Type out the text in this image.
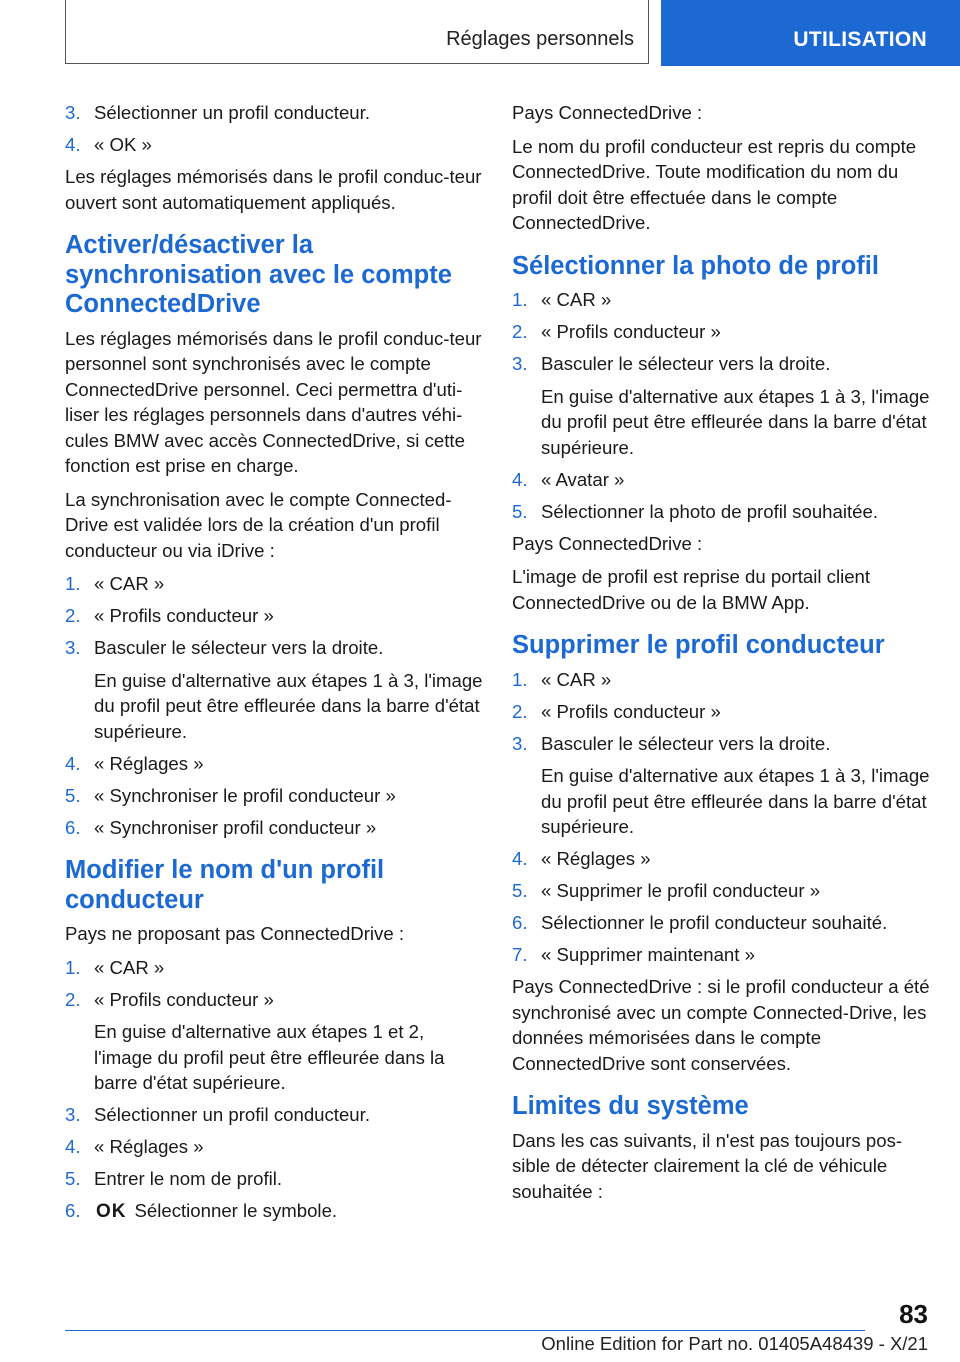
Réglages personnels	UTILISATION
3. Sélectionner un profil conducteur.
4. « OK »

Les réglages mémorisés dans le profil conduc-teur ouvert sont automatiquement appliqués.

Activer/désactiver la synchronisation avec le compte ConnectedDrive

Les réglages mémorisés dans le profil conduc-teur personnel sont synchronisés avec le compte ConnectedDrive personnel. Ceci permettra d'uti-liser les réglages personnels dans d'autres véhi-cules BMW avec accès ConnectedDrive, si cette fonction est prise en charge.

La synchronisation avec le compte Connected-Drive est validée lors de la création d'un profil conducteur ou via iDrive :

1. « CAR »
2. « Profils conducteur »
3. Basculer le sélecteur vers la droite.
En guise d'alternative aux étapes 1 à 3, l'image du profil peut être effleurée dans la barre d'état supérieure.
4. « Réglages »
5. « Synchroniser le profil conducteur »
6. « Synchroniser profil conducteur »
Modifier le nom d'un profil conducteur

Pays ne proposant pas ConnectedDrive :

1. « CAR »
2. « Profils conducteur »
En guise d'alternative aux étapes 1 et 2, l'image du profil peut être effleurée dans la barre d'état supérieure.
3. Sélectionner un profil conducteur.
4. « Réglages »
5. Entrer le nom de profil.
6. OK Sélectionner le symbole.

Pays ConnectedDrive :

Le nom du profil conducteur est repris du compte ConnectedDrive. Toute modification du nom du profil doit être effectuée dans le compte ConnectedDrive.

Sélectionner la photo de profil
1. « CAR »
2. « Profils conducteur »
3. Basculer le sélecteur vers la droite.
En guise d'alternative aux étapes 1 à 3, l'image du profil peut être effleurée dans la barre d'état supérieure.
4. « Avatar »
5. Sélectionner la photo de profil souhaitée.

Pays ConnectedDrive :

L'image de profil est reprise du portail client ConnectedDrive ou de la BMW App.

Supprimer le profil conducteur
1. « CAR »
2. « Profils conducteur »
3. Basculer le sélecteur vers la droite.
En guise d'alternative aux étapes 1 à 3, l'image du profil peut être effleurée dans la barre d'état supérieure.
4. « Réglages »
5. « Supprimer le profil conducteur »
6. Sélectionner le profil conducteur souhaité.
7. « Supprimer maintenant »

Pays ConnectedDrive : si le profil conducteur a été synchronisé avec un compte Connected-Drive, les données mémorisées dans le compte ConnectedDrive sont conservées.

Limites du système

Dans les cas suivants, il n'est pas toujours pos-sible de détecter clairement la clé de véhicule souhaitée :

83
Online Edition for Part no. 01405A48439 - X/21
